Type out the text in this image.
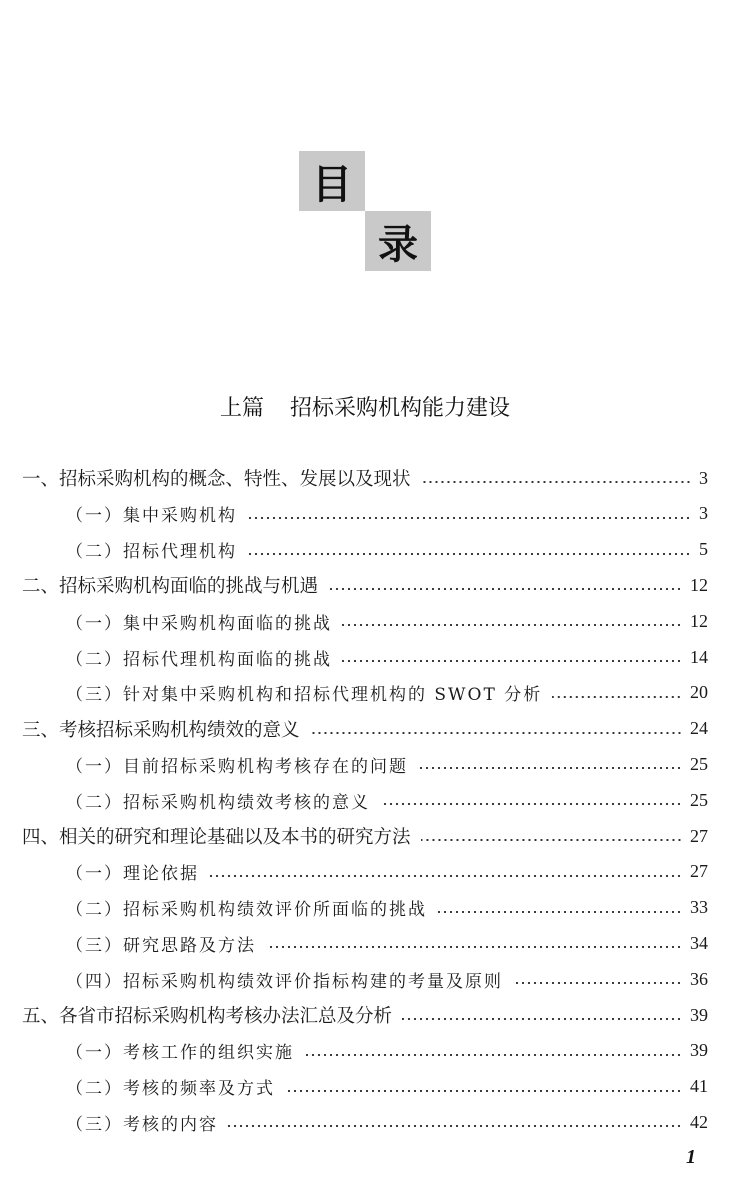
目
录
上篇 招标采购机构能力建设
一、招标采购机构的概念、特性、发展以及现状	3
（一）集中采购机构	3
（二）招标代理机构	5
二、招标采购机构面临的挑战与机遇	12
（一）集中采购机构面临的挑战	12
（二）招标代理机构面临的挑战	14
（三）针对集中采购机构和招标代理机构的 SWOT 分析	20
三、考核招标采购机构绩效的意义	24
（一）目前招标采购机构考核存在的问题	25
（二）招标采购机构绩效考核的意义	25
四、相关的研究和理论基础以及本书的研究方法	27
（一）理论依据	27
（二）招标采购机构绩效评价所面临的挑战	33
（三）研究思路及方法	34
（四）招标采购机构绩效评价指标构建的考量及原则	36
五、各省市招标采购机构考核办法汇总及分析	39
（一）考核工作的组织实施	39
（二）考核的频率及方式	41
（三）考核的内容	42
1
